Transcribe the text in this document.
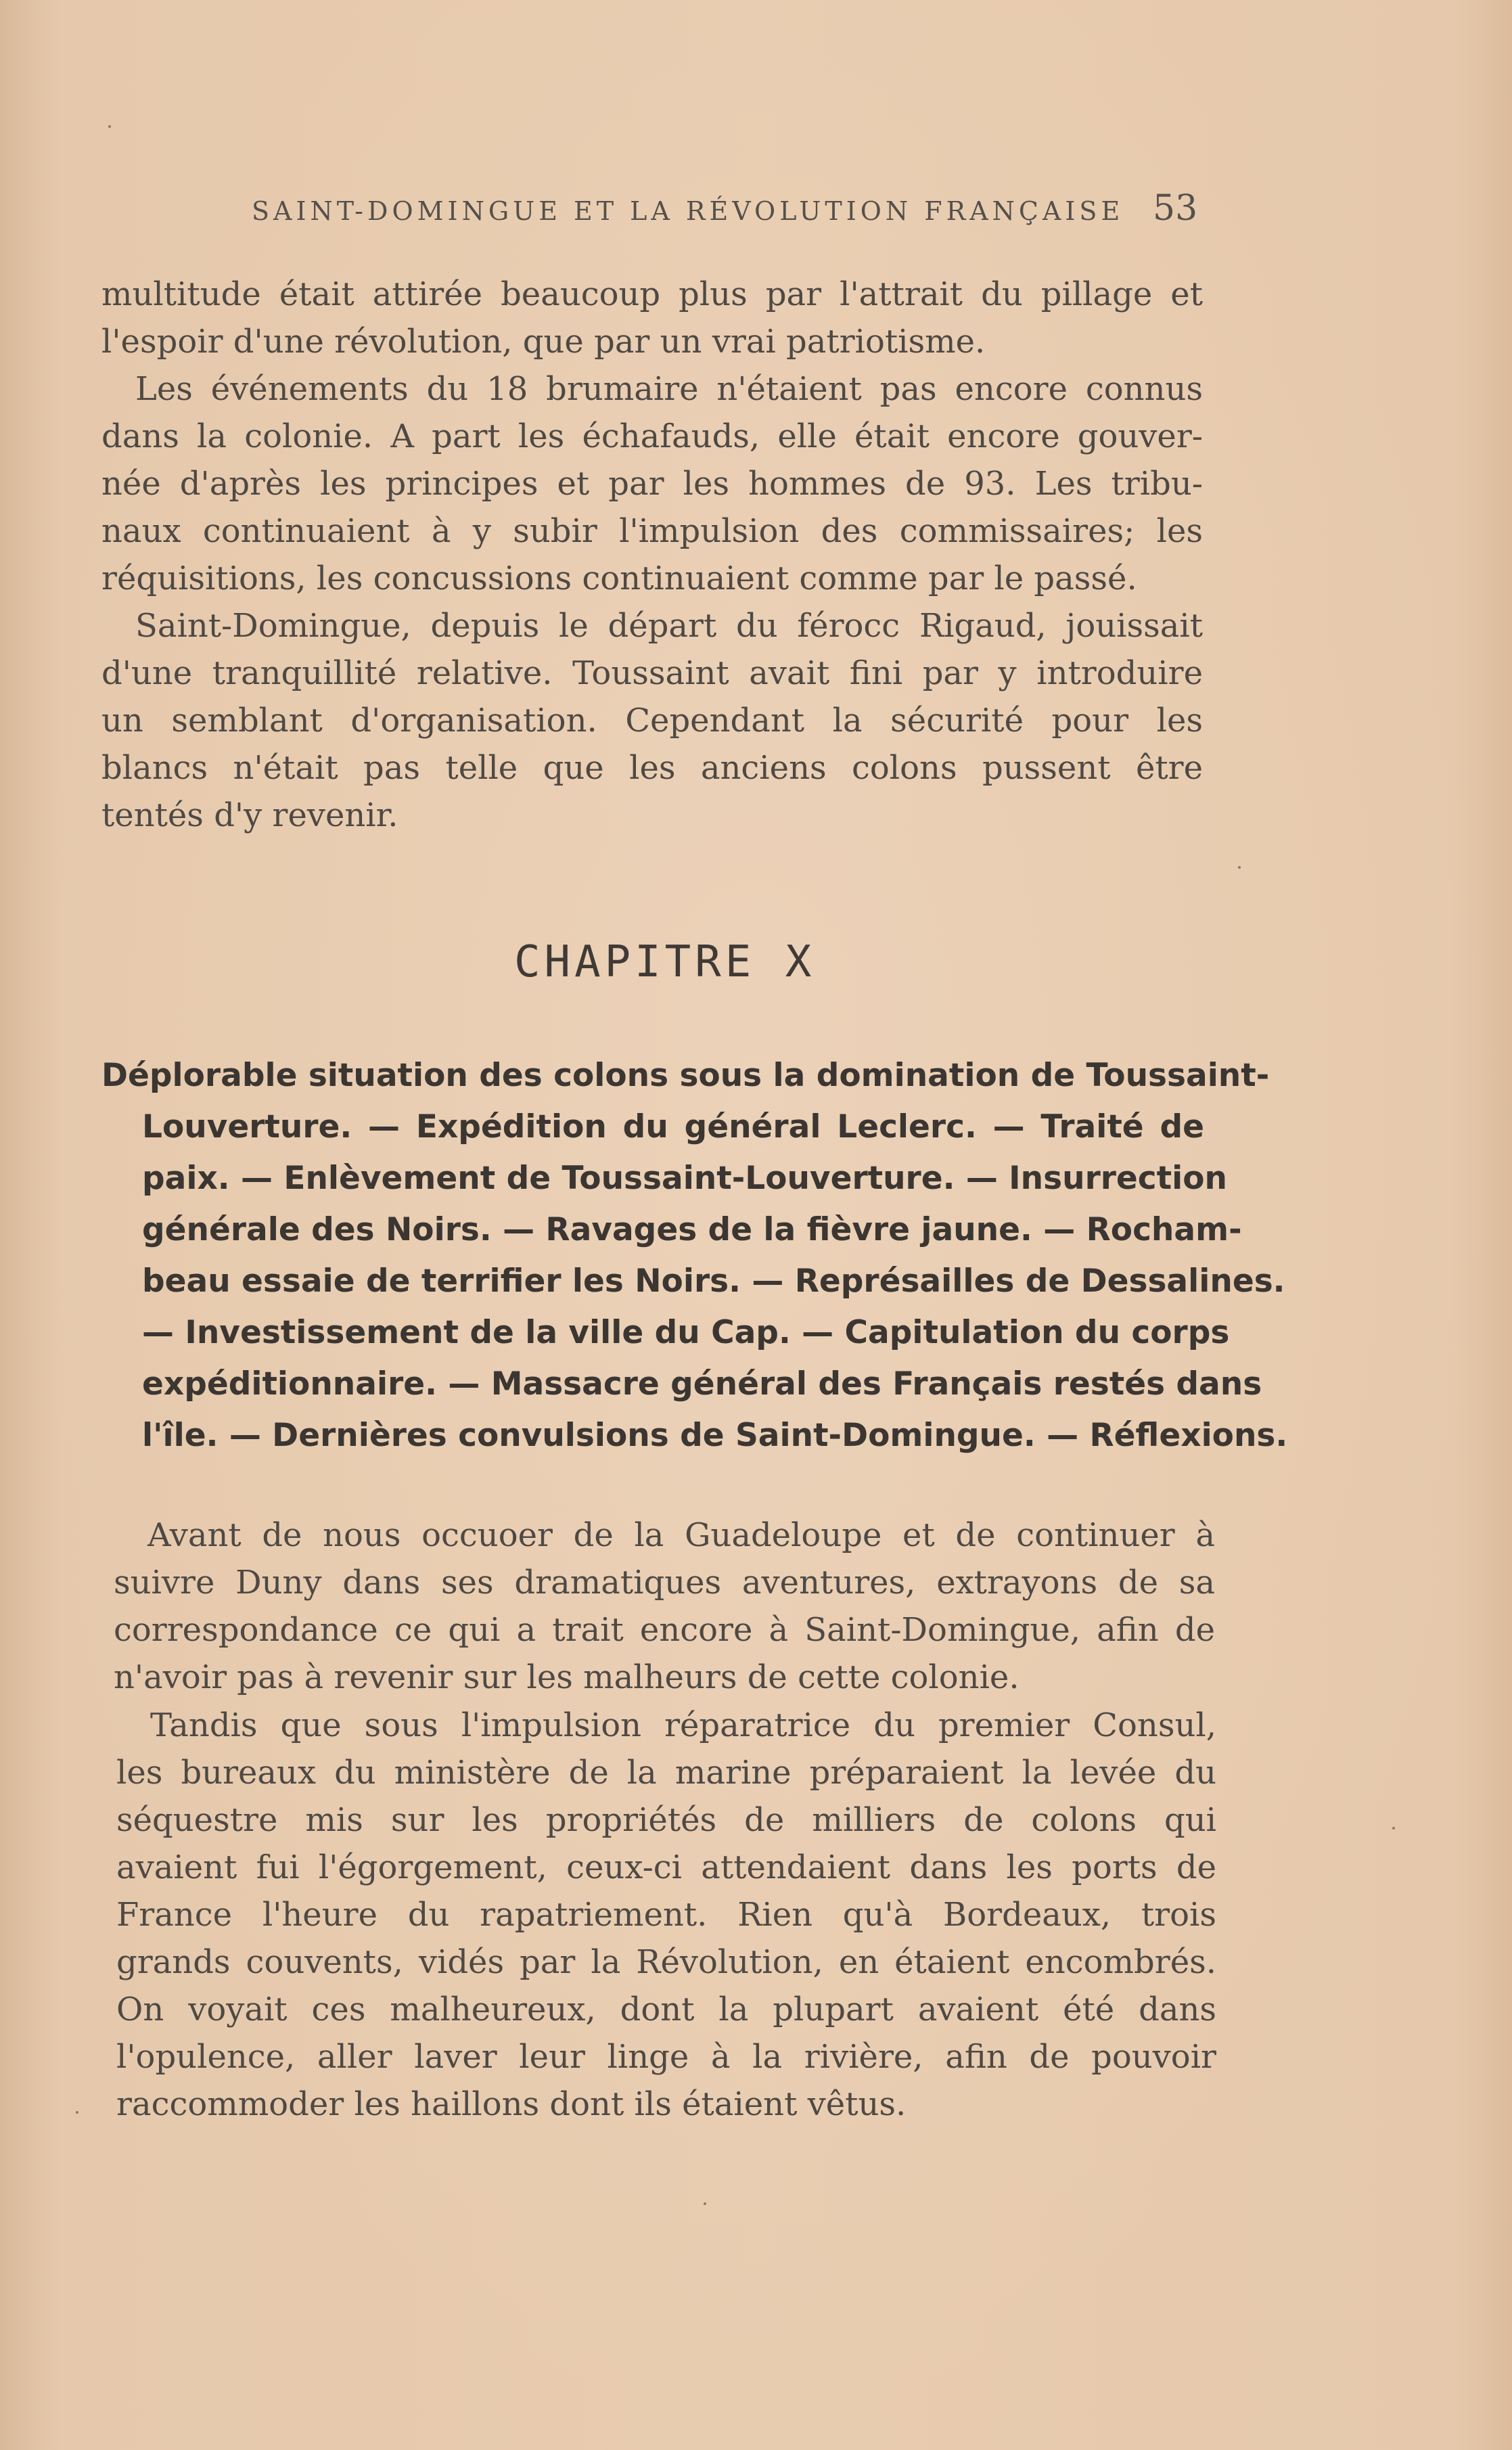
SAINT-DOMINGUE ET LA RÉVOLUTION FRANÇAISE 53
multitude était attirée beaucoup plus par l'attrait du pillage et
l'espoir d'une révolution, que par un vrai patriotisme.
Les événements du 18 brumaire n'étaient pas encore connus
dans la colonie. A part les échafauds, elle était encore gouver-
née d'après les principes et par les hommes de 93. Les tribu-
naux continuaient à y subir l'impulsion des commissaires; les
réquisitions, les concussions continuaient comme par le passé.
Saint-Domingue, depuis le départ du férocc Rigaud, jouissait
d'une tranquillité relative. Toussaint avait fini par y introduire
un semblant d'organisation. Cependant la sécurité pour les
blancs n'était pas telle que les anciens colons pussent être
tentés d'y revenir.
CHAPITRE X
Déplorable situation des colons sous la domination de Toussaint-
Louverture. — Expédition du général Leclerc. — Traité de
paix. — Enlèvement de Toussaint-Louverture. — Insurrection
générale des Noirs. — Ravages de la fièvre jaune. — Rocham-
beau essaie de terrifier les Noirs. — Représailles de Dessalines.
— Investissement de la ville du Cap. — Capitulation du corps
expéditionnaire. — Massacre général des Français restés dans
l'île. — Dernières convulsions de Saint-Domingue. — Réflexions.
Avant de nous occuoer de la Guadeloupe et de continuer à
suivre Duny dans ses dramatiques aventures, extrayons de sa
correspondance ce qui a trait encore à Saint-Domingue, afin de
n'avoir pas à revenir sur les malheurs de cette colonie.
Tandis que sous l'impulsion réparatrice du premier Consul,
les bureaux du ministère de la marine préparaient la levée du
séquestre mis sur les propriétés de milliers de colons qui
avaient fui l'égorgement, ceux-ci attendaient dans les ports de
France l'heure du rapatriement. Rien qu'à Bordeaux, trois
grands couvents, vidés par la Révolution, en étaient encombrés.
On voyait ces malheureux, dont la plupart avaient été dans
l'opulence, aller laver leur linge à la rivière, afin de pouvoir
raccommoder les haillons dont ils étaient vêtus.
